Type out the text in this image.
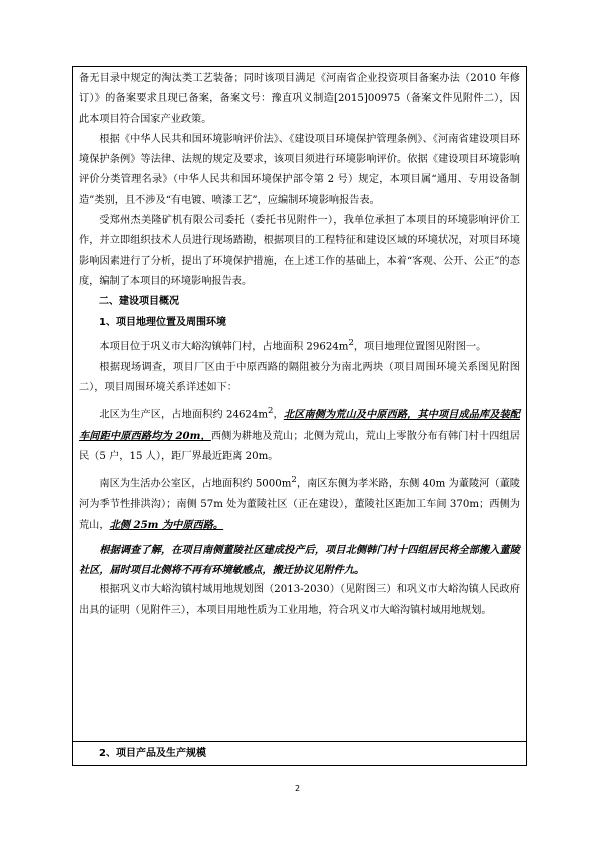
备无目录中规定的淘汰类工艺装备；同时该项目满足《河南省企业投资项目备案办法（2010 年修订）》的备案要求且现已备案，备案文号：豫直巩义制造[2015]00975（备案文件见附件二），因此本项目符合国家产业政策。

根据《中华人民共和国环境影响评价法》、《建设项目环境保护管理条例》、《河南省建设项目环境保护条例》等法律、法规的规定及要求，该项目须进行环境影响评价。依据《建设项目环境影响评价分类管理名录》（中华人民共和国环境保护部令第 2 号）规定，本项目属“通用、专用设备制造”类别，且不涉及“有电镀、喷漆工艺”，应编制环境影响报告表。

受郑州杰美隆矿机有限公司委托（委托书见附件一），我单位承担了本项目的环境影响评价工作，并立即组织技术人员进行现场踏勘，根据项目的工程特征和建设区域的环境状况，对项目环境影响因素进行了分析，提出了环境保护措施，在上述工作的基础上，本着“客观、公开、公正”的态度，编制了本项目的环境影响报告表。

二、建设项目概况

1、项目地理位置及周围环境

本项目位于巩义市大峪沟镇韩门村，占地面积 $29624m^2$，项目地理位置图见附图一。

根据现场调查，项目厂区由于中原西路的隔阻被分为南北两块（项目周围环境关系图见附图二），项目周围环境关系详述如下：

北区为生产区，占地面积约 $24624m^2$，北区南侧为荒山及中原西路，其中项目成品库及装配车间距中原西路均为 20m，西侧为耕地及荒山；北侧为荒山，荒山上零散分布有韩门村十四组居民（5 户，15 人），距厂界最近距离 20m。

南区为生活办公室区，占地面积约 $5000m^2$，南区东侧为孝米路，东侧 40m 为董陵河（董陵河为季节性排洪沟）；南侧 57m 处为董陵社区（正在建设），董陵社区距加工车间 370m；西侧为荒山，北侧 25m 为中原西路。

根据调查了解，在项目南侧董陵社区建成投产后，项目北侧韩门村十四组居民将全部搬入董陵社区，届时项目北侧将不再有环境敏感点，搬迁协议见附件九。

根据巩义市大峪沟镇村域用地规划图（2013-2030）（见附图三）和巩义市大峪沟镇人民政府出具的证明（见附件三），本项目用地性质为工业用地，符合巩义市大峪沟镇村域用地规划。

2、项目产品及生产规模

2
